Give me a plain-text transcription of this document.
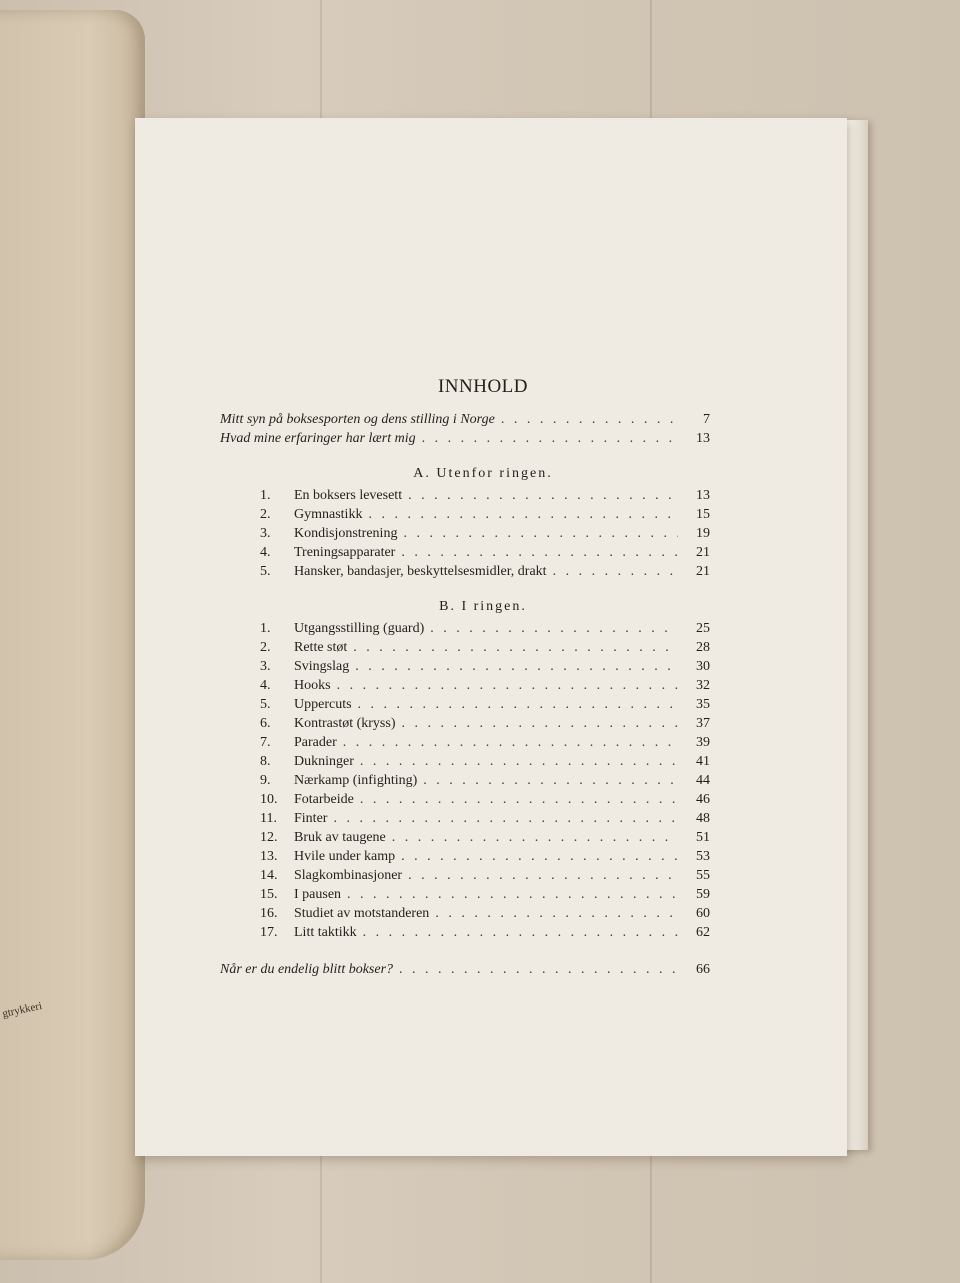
gtrykkeri
INNHOLD
Mitt syn på boksesporten og dens stilling i Norge . . .	7
Hvad mine erfaringer har lært mig . . .	13
A. Utenfor ringen.
1.	En boksers levesett . . .	13
2.	Gymnastikk . . .	15
3.	Kondisjonstrening . . .	19
4.	Treningsapparater . . .	21
5.	Hansker, bandasjer, beskyttelsesmidler, drakt . . .	21
B. I ringen.
1.	Utgangsstilling (guard) . . .	25
2.	Rette støt . . .	28
3.	Svingslag . . .	30
4.	Hooks . . .	32
5.	Uppercuts . . .	35
6.	Kontrastøt (kryss) . . .	37
7.	Parader . . .	39
8.	Dukninger . . .	41
9.	Nærkamp (infighting) . . .	44
10.	Fotarbeide . . .	46
11.	Finter . . .	48
12.	Bruk av taugene . . .	51
13.	Hvile under kamp . . .	53
14.	Slagkombinasjoner . . .	55
15.	I pausen . . .	59
16.	Studiet av motstanderen . . .	60
17.	Litt taktikk . . .	62
Når er du endelig blitt bokser? . . .	66
